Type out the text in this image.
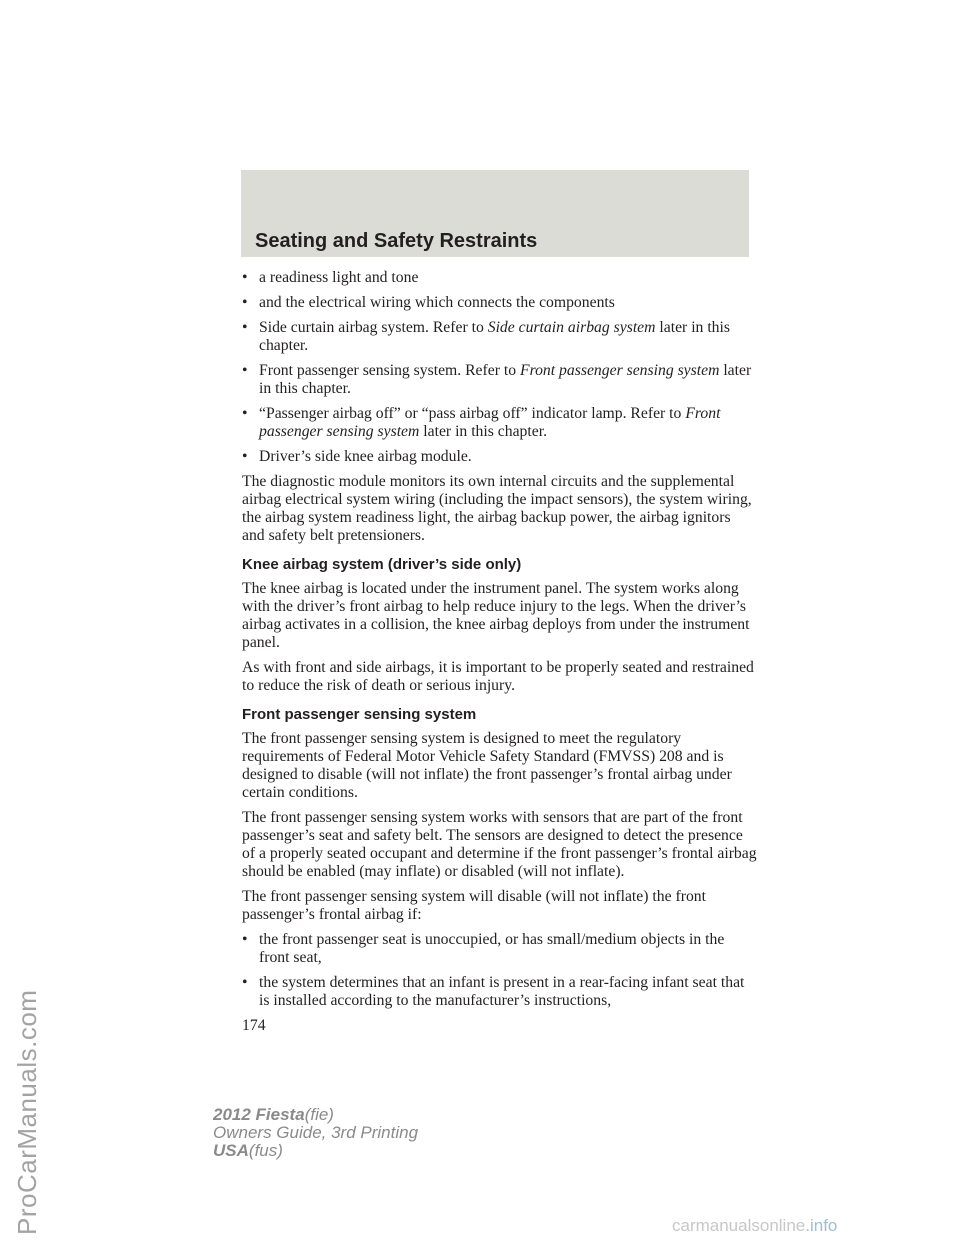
Seating and Safety Restraints
• a readiness light and tone
• and the electrical wiring which connects the components
• Side curtain airbag system. Refer to Side curtain airbag system later in this chapter.
• Front passenger sensing system. Refer to Front passenger sensing system later in this chapter.
• “Passenger airbag off” or “pass airbag off” indicator lamp. Refer to Front passenger sensing system later in this chapter.
• Driver’s side knee airbag module.

The diagnostic module monitors its own internal circuits and the supplemental airbag electrical system wiring (including the impact sensors), the system wiring, the airbag system readiness light, the airbag backup power, the airbag ignitors and safety belt pretensioners.

Knee airbag system (driver’s side only)

The knee airbag is located under the instrument panel. The system works along with the driver’s front airbag to help reduce injury to the legs. When the driver’s airbag activates in a collision, the knee airbag deploys from under the instrument panel.

As with front and side airbags, it is important to be properly seated and restrained to reduce the risk of death or serious injury.

Front passenger sensing system

The front passenger sensing system is designed to meet the regulatory requirements of Federal Motor Vehicle Safety Standard (FMVSS) 208 and is designed to disable (will not inflate) the front passenger’s frontal airbag under certain conditions.

The front passenger sensing system works with sensors that are part of the front passenger’s seat and safety belt. The sensors are designed to detect the presence of a properly seated occupant and determine if the front passenger’s frontal airbag should be enabled (may inflate) or disabled (will not inflate).

The front passenger sensing system will disable (will not inflate) the front passenger’s frontal airbag if:

• the front passenger seat is unoccupied, or has small/medium objects in the front seat,
• the system determines that an infant is present in a rear-facing infant seat that is installed according to the manufacturer’s instructions,
174
2012 Fiesta(fie)
Owners Guide, 3rd Printing
USA(fus)
ProCarManuals.com	carmanualsonline.info
